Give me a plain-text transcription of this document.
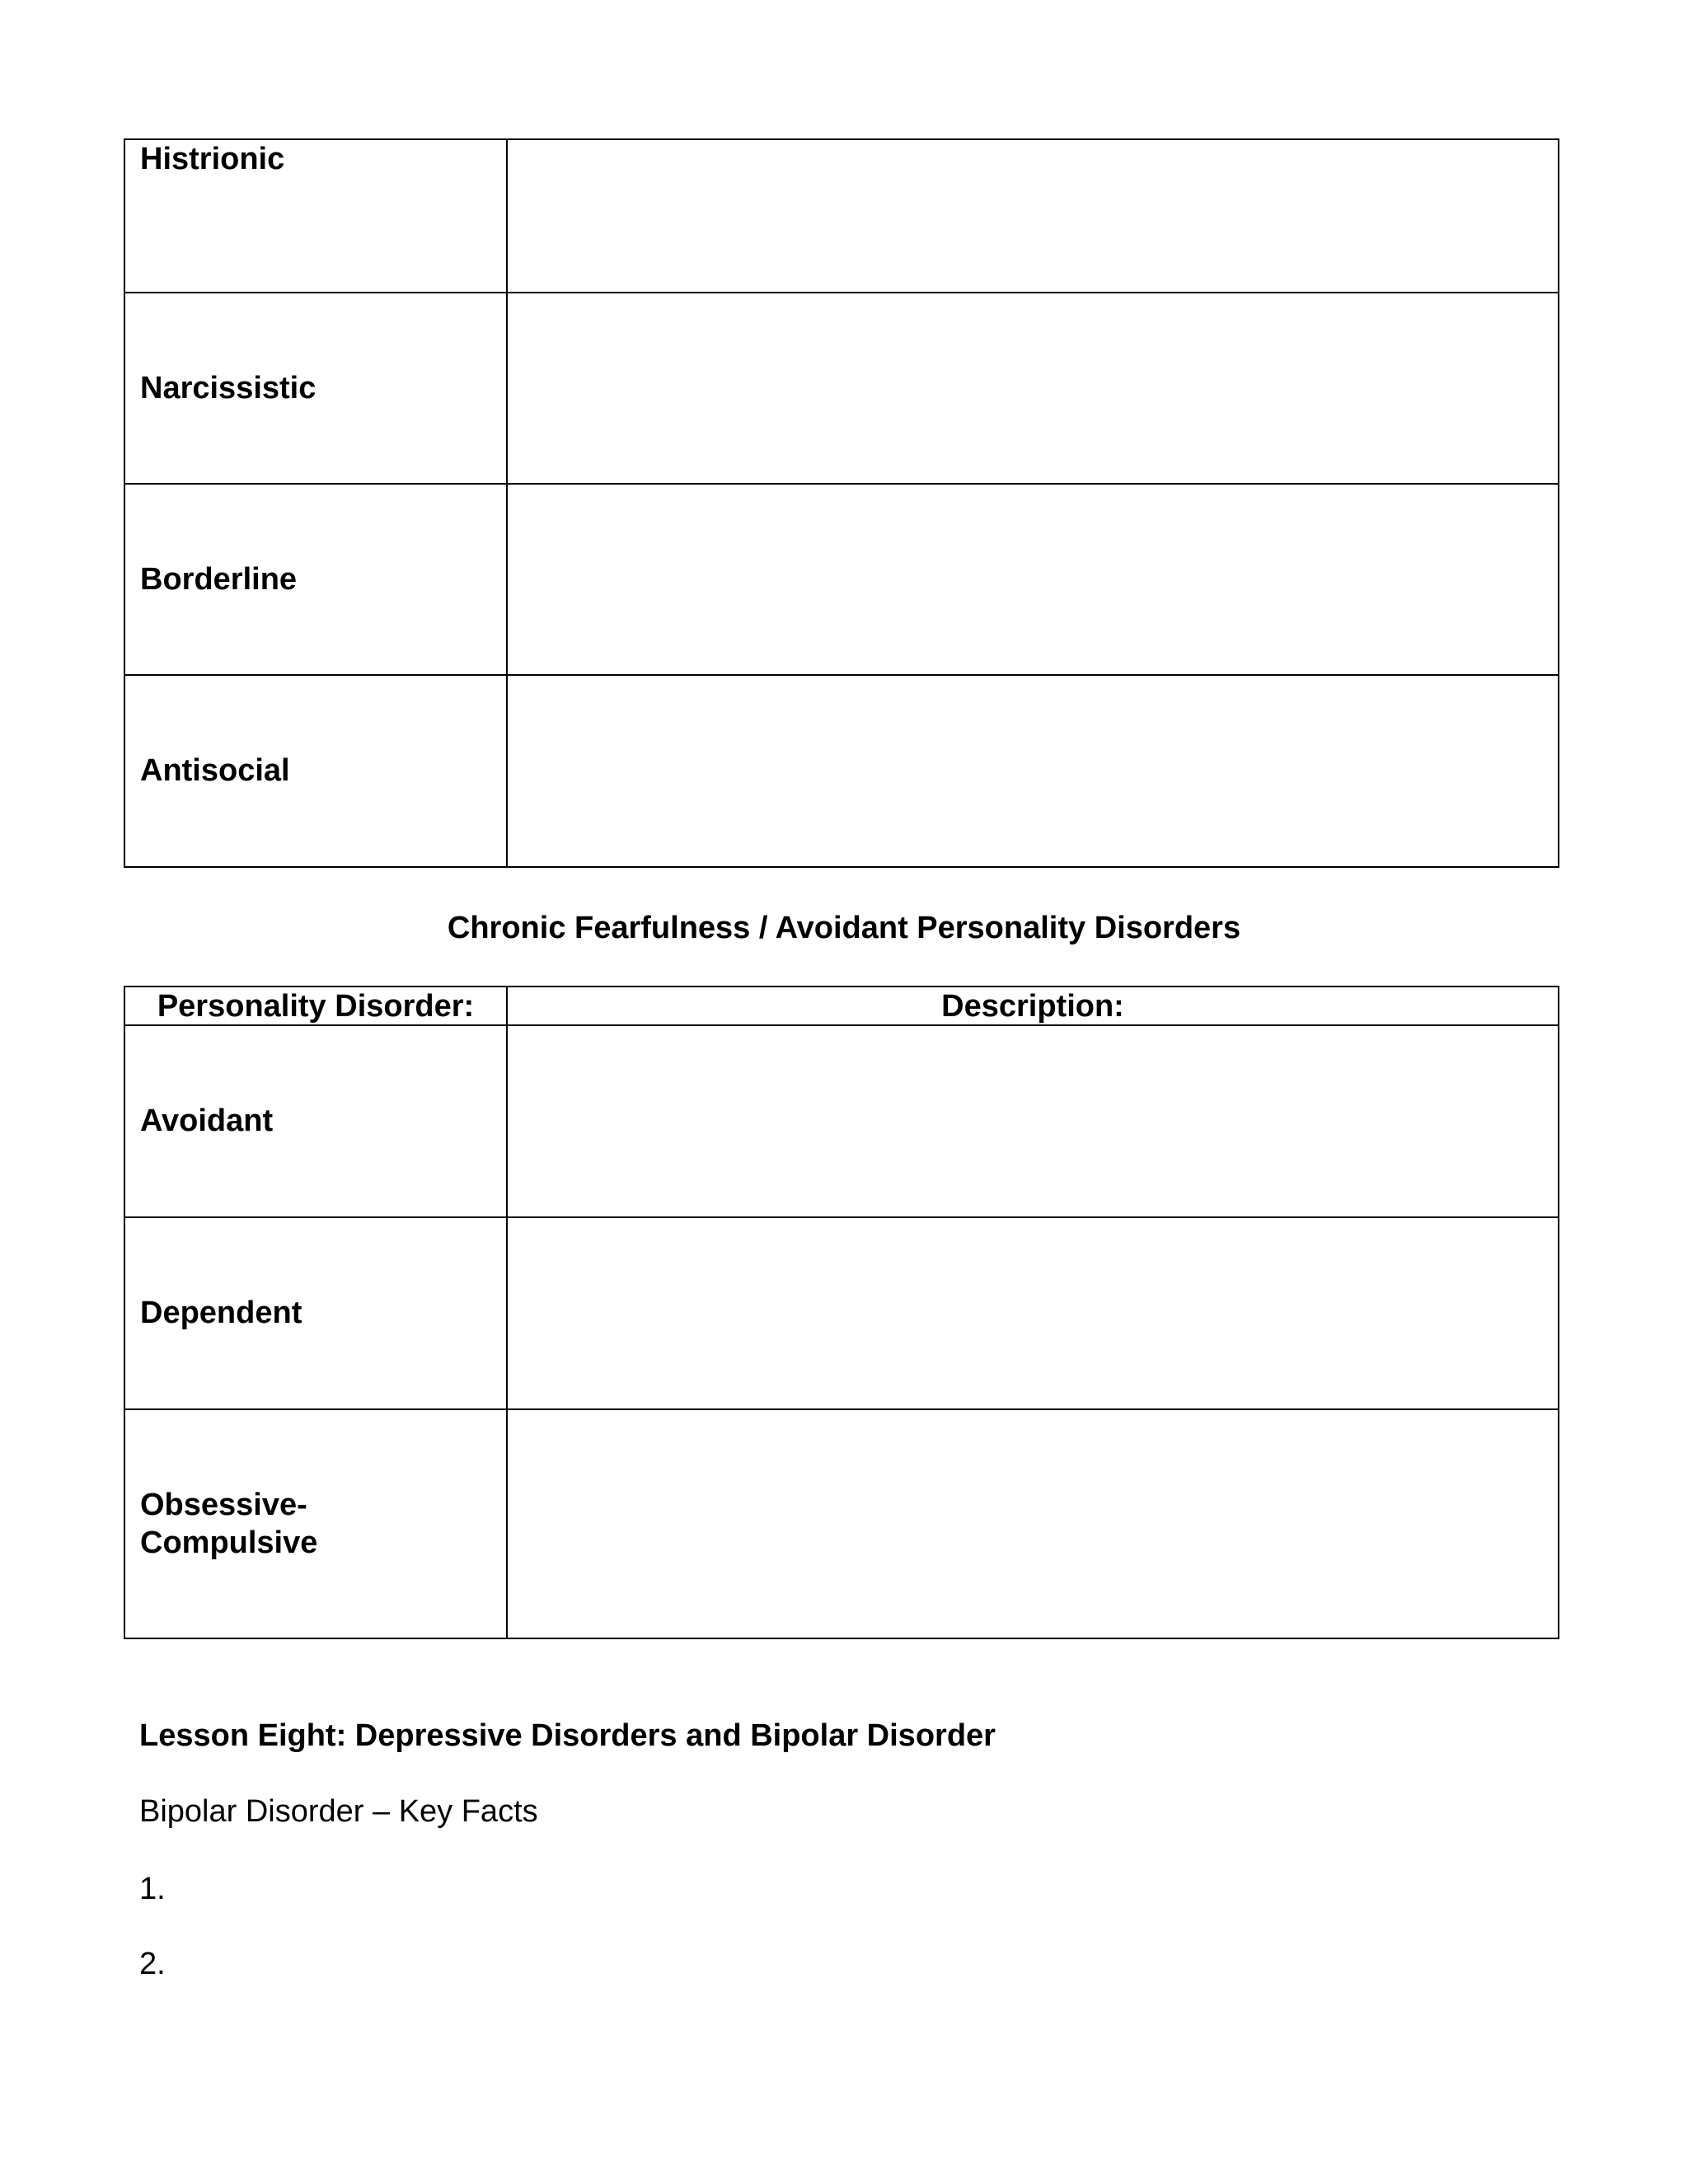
Histrionic	
Narcissistic	
Borderline	
Antisocial	
Chronic Fearfulness / Avoidant Personality Disorders
Personality Disorder:	Description:
Avoidant	
Dependent	
Obsessive-
Compulsive	
Lesson Eight: Depressive Disorders and Bipolar Disorder
Bipolar Disorder – Key Facts
1.
2.
